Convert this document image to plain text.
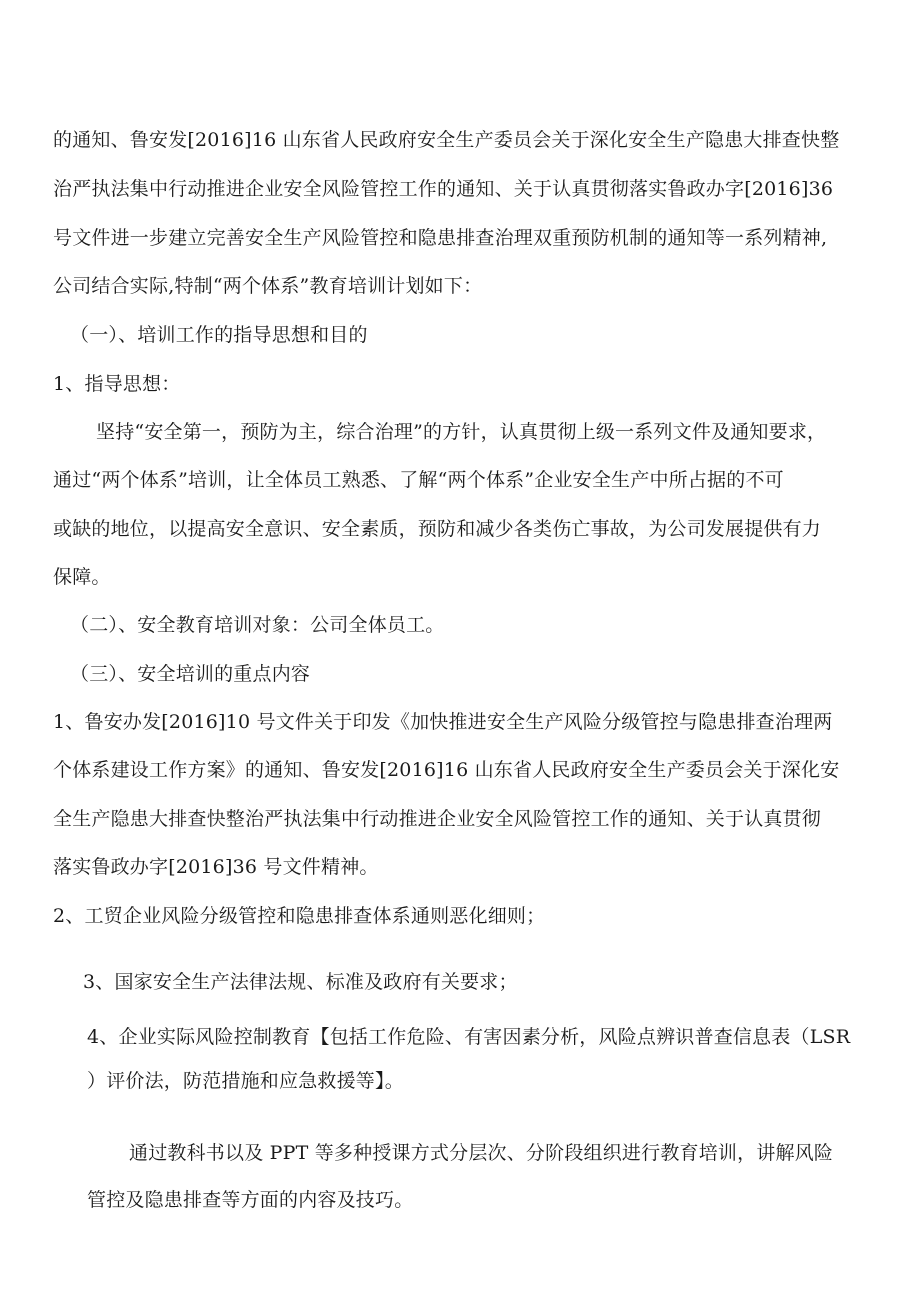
的通知、鲁安发[2016]16 山东省人民政府安全生产委员会关于深化安全生产隐患大排查快整

治严执法集中行动推进企业安全风险管控工作的通知、关于认真贯彻落实鲁政办字[2016]36

号文件进一步建立完善安全生产风险管控和隐患排查治理双重预防机制的通知等一系列精神,

公司结合实际,特制“两个体系”教育培训计划如下：

（一）、培训工作的指导思想和目的

1、指导思想：

坚持“安全第一，预防为主，综合治理”的方针，认真贯彻上级一系列文件及通知要求，

通过“两个体系”培训，让全体员工熟悉、了解“两个体系”企业安全生产中所占据的不可

或缺的地位，以提高安全意识、安全素质，预防和减少各类伤亡事故，为公司发展提供有力

保障。

（二）、安全教育培训对象：公司全体员工。

（三）、安全培训的重点内容

1、鲁安办发[2016]10 号文件关于印发《加快推进安全生产风险分级管控与隐患排查治理两

个体系建设工作方案》的通知、鲁安发[2016]16 山东省人民政府安全生产委员会关于深化安

全生产隐患大排查快整治严执法集中行动推进企业安全风险管控工作的通知、关于认真贯彻

落实鲁政办字[2016]36 号文件精神。

2、工贸企业风险分级管控和隐患排查体系通则恶化细则；

3、国家安全生产法律法规、标准及政府有关要求；

4、企业实际风险控制教育【包括工作危险、有害因素分析，风险点辨识普查信息表（LSR

）评价法，防范措施和应急救援等】。

通过教科书以及 PPT 等多种授课方式分层次、分阶段组织进行教育培训，讲解风险

管控及隐患排查等方面的内容及技巧。
